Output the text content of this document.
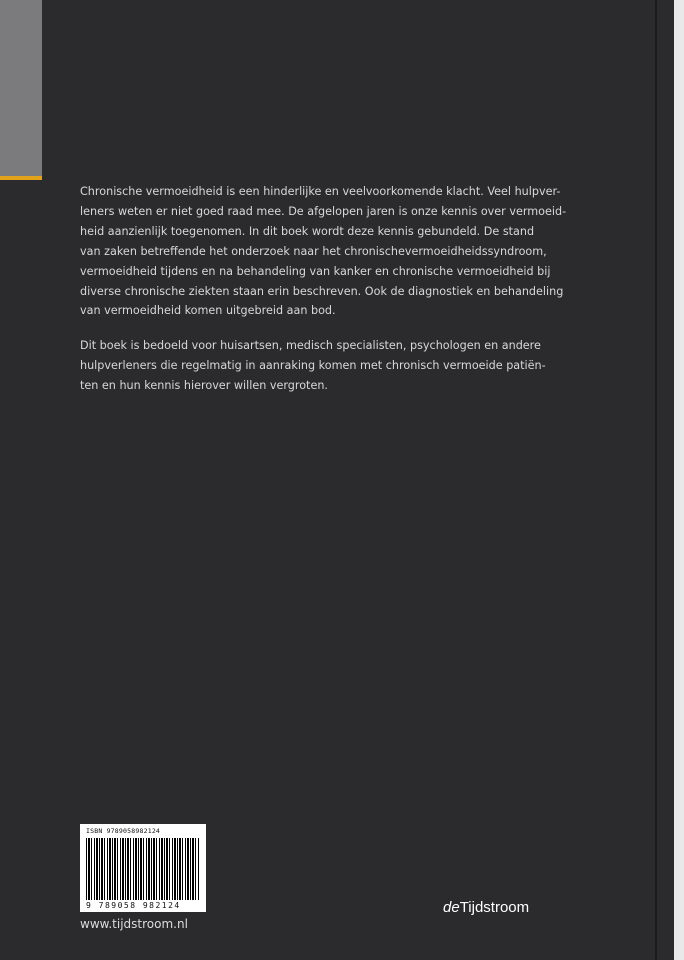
Chronische vermoeidheid is een hinderlijke en veelvoorkomende klacht. Veel hulpver-
leners weten er niet goed raad mee. De afgelopen jaren is onze kennis over vermoeid-
heid aanzienlijk toegenomen. In dit boek wordt deze kennis gebundeld. De stand
van zaken betreffende het onderzoek naar het chronischevermoeidheidssyndroom,
vermoeidheid tijdens en na behandeling van kanker en chronische vermoeidheid bij
diverse chronische ziekten staan erin beschreven. Ook de diagnostiek en behandeling
van vermoeidheid komen uitgebreid aan bod.

Dit boek is bedoeld voor huisartsen, medisch specialisten, psychologen en andere
hulpverleners die regelmatig in aanraking komen met chronisch vermoeide patiën-
ten en hun kennis hierover willen vergroten.

ISBN 9789058982124
9 789058 982124
www.tijdstroom.nl
deTijdstroom
